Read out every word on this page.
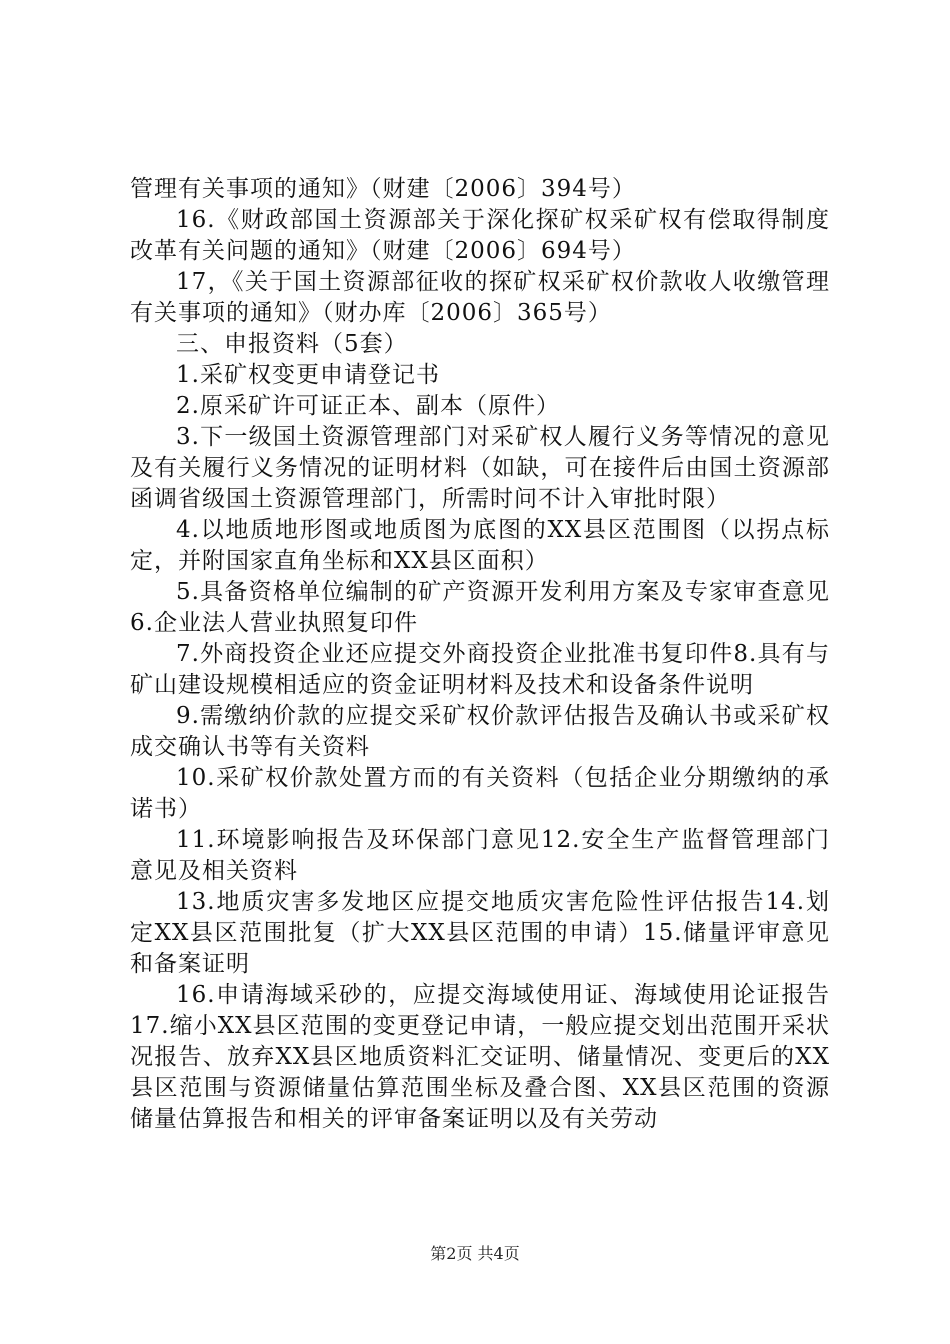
管理有关事项的通知》（财建〔2006〕394号）

16.《财政部国土资源部关于深化探矿权采矿权有偿取得制度改革有关问题的通知》（财建〔2006〕694号）

17，《关于国土资源部征收的探矿权采矿权价款收人收缴管理有关事项的通知》（财办库〔2006〕365号）

三、申报资料（5套）

1.采矿权变更申请登记书

2.原采矿许可证正本、副本（原件）

3.下一级国土资源管理部门对采矿权人履行义务等情况的意见及有关履行义务情况的证明材料（如缺，可在接件后由国土资源部函调省级国土资源管理部门，所需时问不计入审批时限）

4.以地质地形图或地质图为底图的XX县区范围图（以拐点标定，并附国家直角坐标和XX县区面积）

5.具备资格单位编制的矿产资源开发利用方案及专家审查意见6.企业法人营业执照复印件

7.外商投资企业还应提交外商投资企业批准书复印件8.具有与矿山建设规模相适应的资金证明材料及技术和设备条件说明

9.需缴纳价款的应提交采矿权价款评估报告及确认书或采矿权成交确认书等有关资料

10.采矿权价款处置方而的有关资料（包括企业分期缴纳的承诺书）

11.环境影响报告及环保部门意见12.安全生产监督管理部门意见及相关资料

13.地质灾害多发地区应提交地质灾害危险性评估报告14.划定XX县区范围批复（扩大XX县区范围的申请）15.储量评审意见和备案证明

16.申请海域采砂的，应提交海域使用证、海域使用论证报告17.缩小XX县区范围的变更登记申请，一般应提交划出范围开采状况报告、放弃XX县区地质资料汇交证明、储量情况、变更后的XX县区范围与资源储量估算范围坐标及叠合图、XX县区范围的资源储量估算报告和相关的评审备案证明以及有关劳动

第2页 共4页
